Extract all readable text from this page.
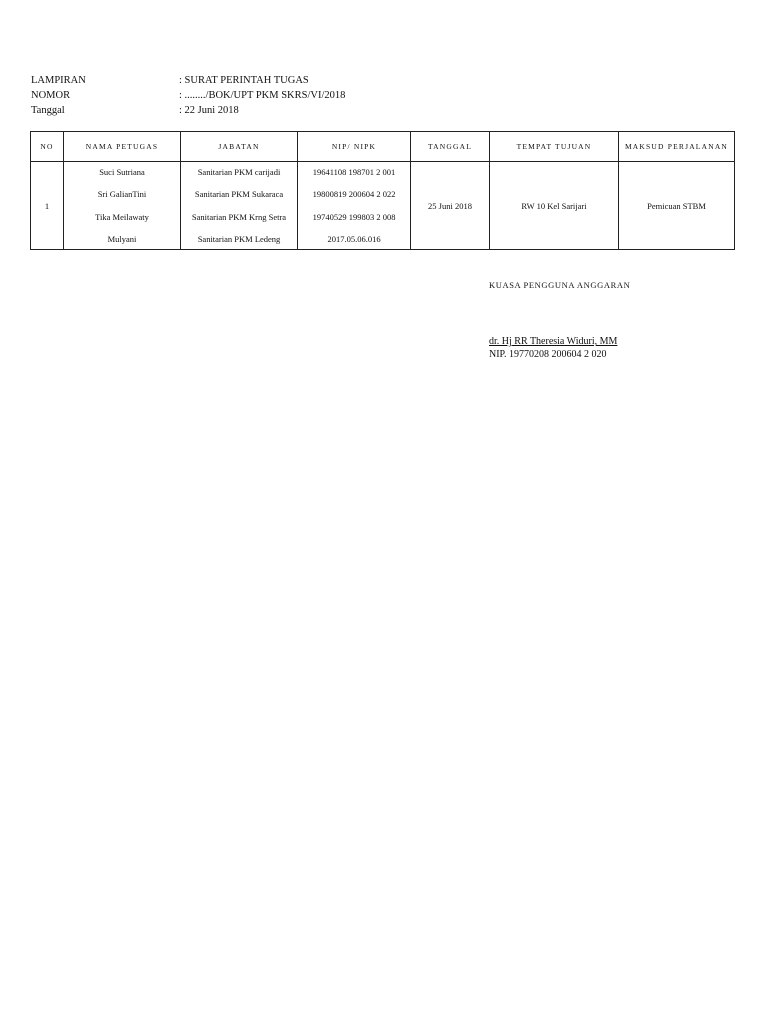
LAMPIRAN	: SURAT PERINTAH TUGAS
NOMOR	: ......../BOK/UPT PKM SKRS/VI/2018
Tanggal	: 22 Juni 2018
NO	NAMA PETUGAS	JABATAN	NIP/ NIPK	TANGGAL	TEMPAT TUJUAN	MAKSUD PERJALANAN
1	Suci Sutriana
Sri GalianTini
Tika Meilawaty
Mulyani	Sanitarian PKM carijadi
Sanitarian PKM Sukaraca
Sanitarian PKM Krng Setra
Sanitarian PKM Ledeng	19641108 198701 2 001
19800819 200604 2 022
19740529 199803 2 008
2017.05.06.016	25 Juni 2018	RW 10 Kel Sarijari	Pemicuan STBM
KUASA PENGGUNA ANGGARAN
dr. Hj RR Theresia Widuri, MM
NIP. 19770208 200604 2 020
